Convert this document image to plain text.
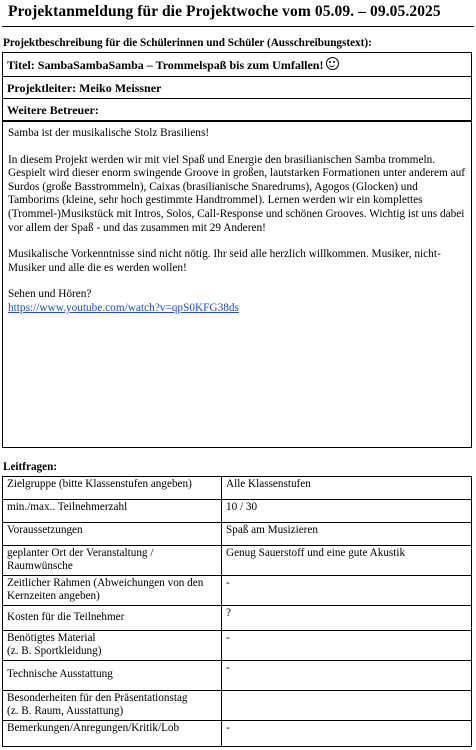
Projektanmeldung für die Projektwoche vom 05.09. – 09.05.2025
Projektbeschreibung für die Schülerinnen und Schüler (Ausschreibungstext):
Titel: SambaSambaSamba – Trommelspaß bis zum Umfallen!
Projektleiter: Meiko Meissner
Weitere Betreuer:

Samba ist der musikalische Stolz Brasiliens!

In diesem Projekt werden wir mit viel Spaß und Energie den brasilianischen Samba trommeln. Gespielt wird dieser enorm swingende Groove in großen, lautstarken Formationen unter anderem auf Surdos (große Basstrommeln), Caixas (brasilianische Snaredrums), Agogos (Glocken) und Tamborims (kleine, sehr hoch gestimmte Handtrommel). Lernen werden wir ein komplettes (Trommel-)Musikstück mit Intros, Solos, Call-Response und schönen Grooves. Wichtig ist uns dabei vor allem der Spaß - und das zusammen mit 29 Anderen!

Musikalische Vorkenntnisse sind nicht nötig. Ihr seid alle herzlich willkommen. Musiker, nicht-Musiker und alle die es werden wollen!

Sehen und Hören?

https://www.youtube.com/watch?v=qpS0KFG38ds
Leitfragen:
Zielgruppe (bitte Klassenstufen angeben)	Alle Klassenstufen
min./max.. Teilnehmerzahl	10 / 30
Voraussetzungen	Spaß am Musizieren
geplanter Ort der Veranstaltung / Raumwünsche	Genug Sauerstoff und eine gute Akustik
Zeitlicher Rahmen (Abweichungen von den Kernzeiten angeben)	-
Kosten für die Teilnehmer	?
Benötigtes Material
(z. B. Sportkleidung)	-
Technische Ausstattung	-
Besonderheiten für den Präsentationstag
(z. B. Raum, Ausstattung)	
Bemerkungen/Anregungen/Kritik/Lob	-
